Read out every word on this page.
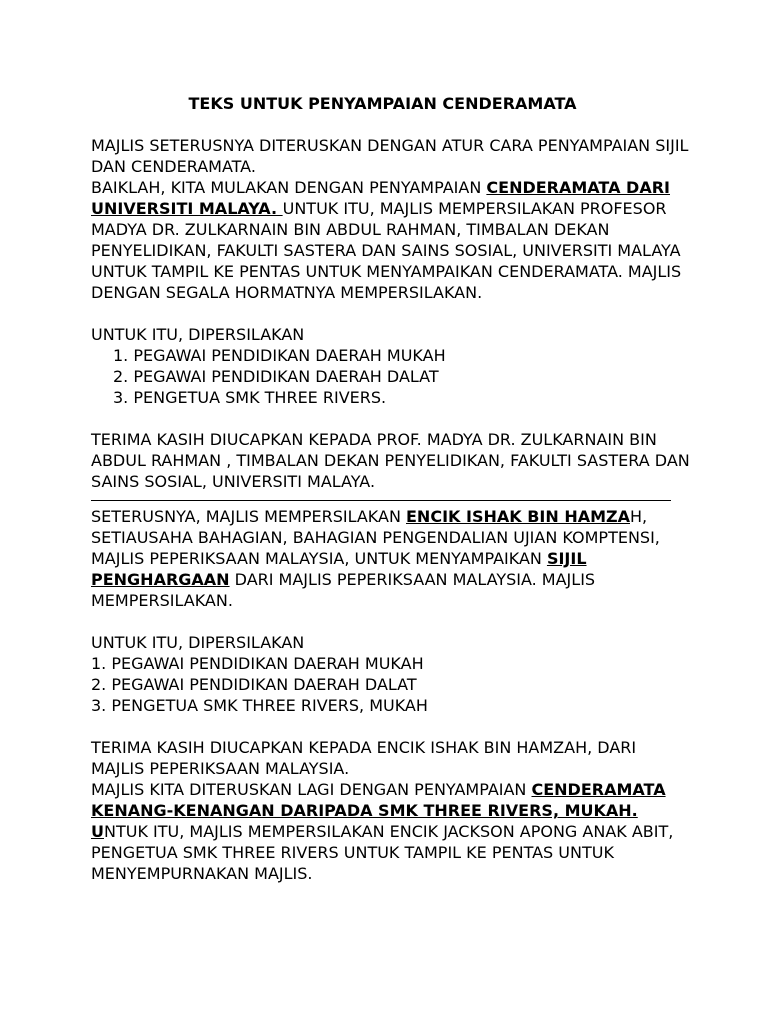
TEKS UNTUK PENYAMPAIAN CENDERAMATA

MAJLIS SETERUSNYA DITERUSKAN DENGAN ATUR CARA PENYAMPAIAN SIJIL DAN CENDERAMATA.

BAIKLAH, KITA MULAKAN DENGAN PENYAMPAIAN CENDERAMATA DARI UNIVERSITI MALAYA. UNTUK ITU, MAJLIS MEMPERSILAKAN PROFESOR MADYA DR. ZULKARNAIN BIN ABDUL RAHMAN, TIMBALAN DEKAN PENYELIDIKAN, FAKULTI SASTERA DAN SAINS SOSIAL, UNIVERSITI MALAYA UNTUK TAMPIL KE PENTAS UNTUK MENYAMPAIKAN CENDERAMATA. MAJLIS DENGAN SEGALA HORMATNYA MEMPERSILAKAN.

UNTUK ITU, DIPERSILAKAN

1. PEGAWAI PENDIDIKAN DAERAH MUKAH
2. PEGAWAI PENDIDIKAN DAERAH DALAT
3. PENGETUA SMK THREE RIVERS.

TERIMA KASIH DIUCAPKAN KEPADA PROF. MADYA DR. ZULKARNAIN BIN ABDUL RAHMAN , TIMBALAN DEKAN PENYELIDIKAN, FAKULTI SASTERA DAN SAINS SOSIAL, UNIVERSITI MALAYA.

SETERUSNYA, MAJLIS MEMPERSILAKAN ENCIK ISHAK BIN HAMZAH, SETIAUSAHA BAHAGIAN, BAHAGIAN PENGENDALIAN UJIAN KOMPTENSI, MAJLIS PEPERIKSAAN MALAYSIA, UNTUK MENYAMPAIKAN SIJIL PENGHARGAAN DARI MAJLIS PEPERIKSAAN MALAYSIA. MAJLIS MEMPERSILAKAN.

UNTUK ITU, DIPERSILAKAN

1. PEGAWAI PENDIDIKAN DAERAH MUKAH
2. PEGAWAI PENDIDIKAN DAERAH DALAT
3. PENGETUA SMK THREE RIVERS, MUKAH

TERIMA KASIH DIUCAPKAN KEPADA ENCIK ISHAK BIN HAMZAH, DARI MAJLIS PEPERIKSAAN MALAYSIA.

MAJLIS KITA DITERUSKAN LAGI DENGAN PENYAMPAIAN CENDERAMATA KENANG-KENANGAN DARIPADA SMK THREE RIVERS, MUKAH. UNTUK ITU, MAJLIS MEMPERSILAKAN ENCIK JACKSON APONG ANAK ABIT, PENGETUA SMK THREE RIVERS UNTUK TAMPIL KE PENTAS UNTUK MENYEMPURNAKAN MAJLIS.
